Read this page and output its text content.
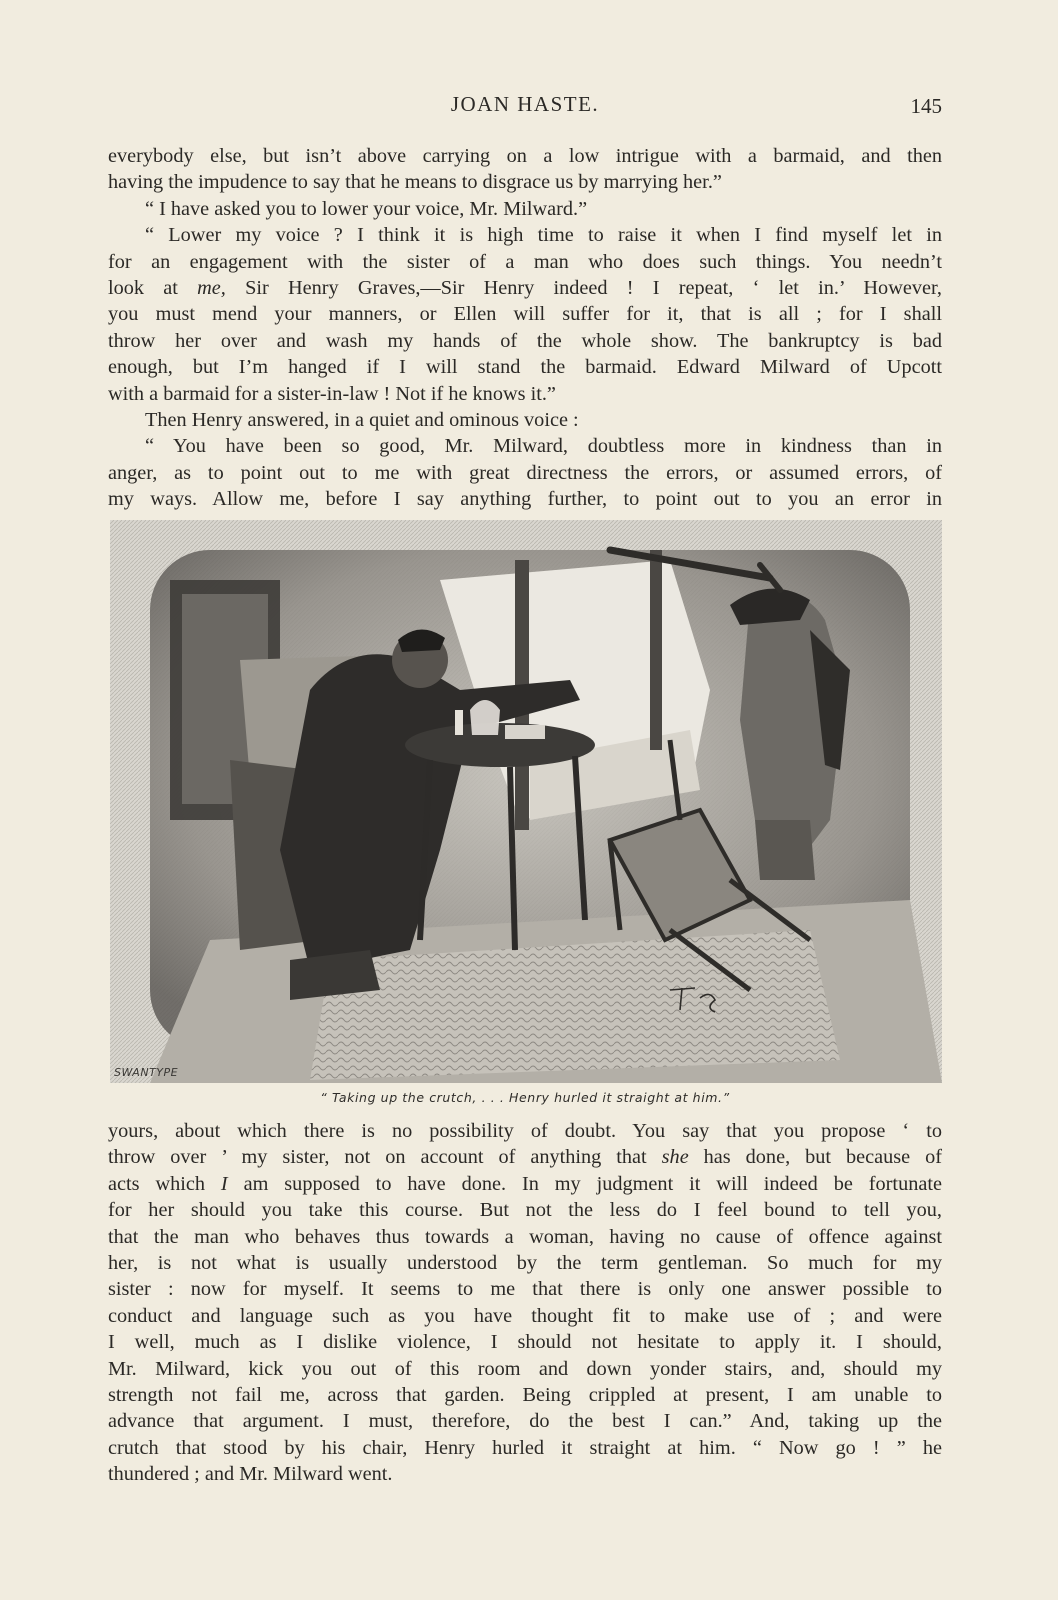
JOAN HASTE.	145
everybody else, but isn’t above carrying on a low intrigue with a barmaid, and then
having the impudence to say that he means to disgrace us by marrying her.”
“ I have asked you to lower your voice, Mr. Milward.”
“ Lower my voice ? I think it is high time to raise it when I find myself let in
for an engagement with the sister of a man who does such things. You needn’t
look at me, Sir Henry Graves,—Sir Henry indeed ! I repeat, ‘ let in.’ However,
you must mend your manners, or Ellen will suffer for it, that is all ; for I shall
throw her over and wash my hands of the whole show. The bankruptcy is bad
enough, but I’m hanged if I will stand the barmaid. Edward Milward of Upcott
with a barmaid for a sister-in-law ! Not if he knows it.”
Then Henry answered, in a quiet and ominous voice :
“ You have been so good, Mr. Milward, doubtless more in kindness than in
anger, as to point out to me with great directness the errors, or assumed errors, of
my ways. Allow me, before I say anything further, to point out to you an error in
SWANTYPE
“ Taking up the crutch, . . . Henry hurled it straight at him.”
yours, about which there is no possibility of doubt. You say that you propose ‘ to
throw over ’ my sister, not on account of anything that she has done, but because of
acts which I am supposed to have done. In my judgment it will indeed be fortunate
for her should you take this course. But not the less do I feel bound to tell you,
that the man who behaves thus towards a woman, having no cause of offence against
her, is not what is usually understood by the term gentleman. So much for my
sister : now for myself. It seems to me that there is only one answer possible to
conduct and language such as you have thought fit to make use of ; and were
I well, much as I dislike violence, I should not hesitate to apply it. I should,
Mr. Milward, kick you out of this room and down yonder stairs, and, should my
strength not fail me, across that garden. Being crippled at present, I am unable to
advance that argument. I must, therefore, do the best I can.” And, taking up the
crutch that stood by his chair, Henry hurled it straight at him. “ Now go ! ” he
thundered ; and Mr. Milward went.
